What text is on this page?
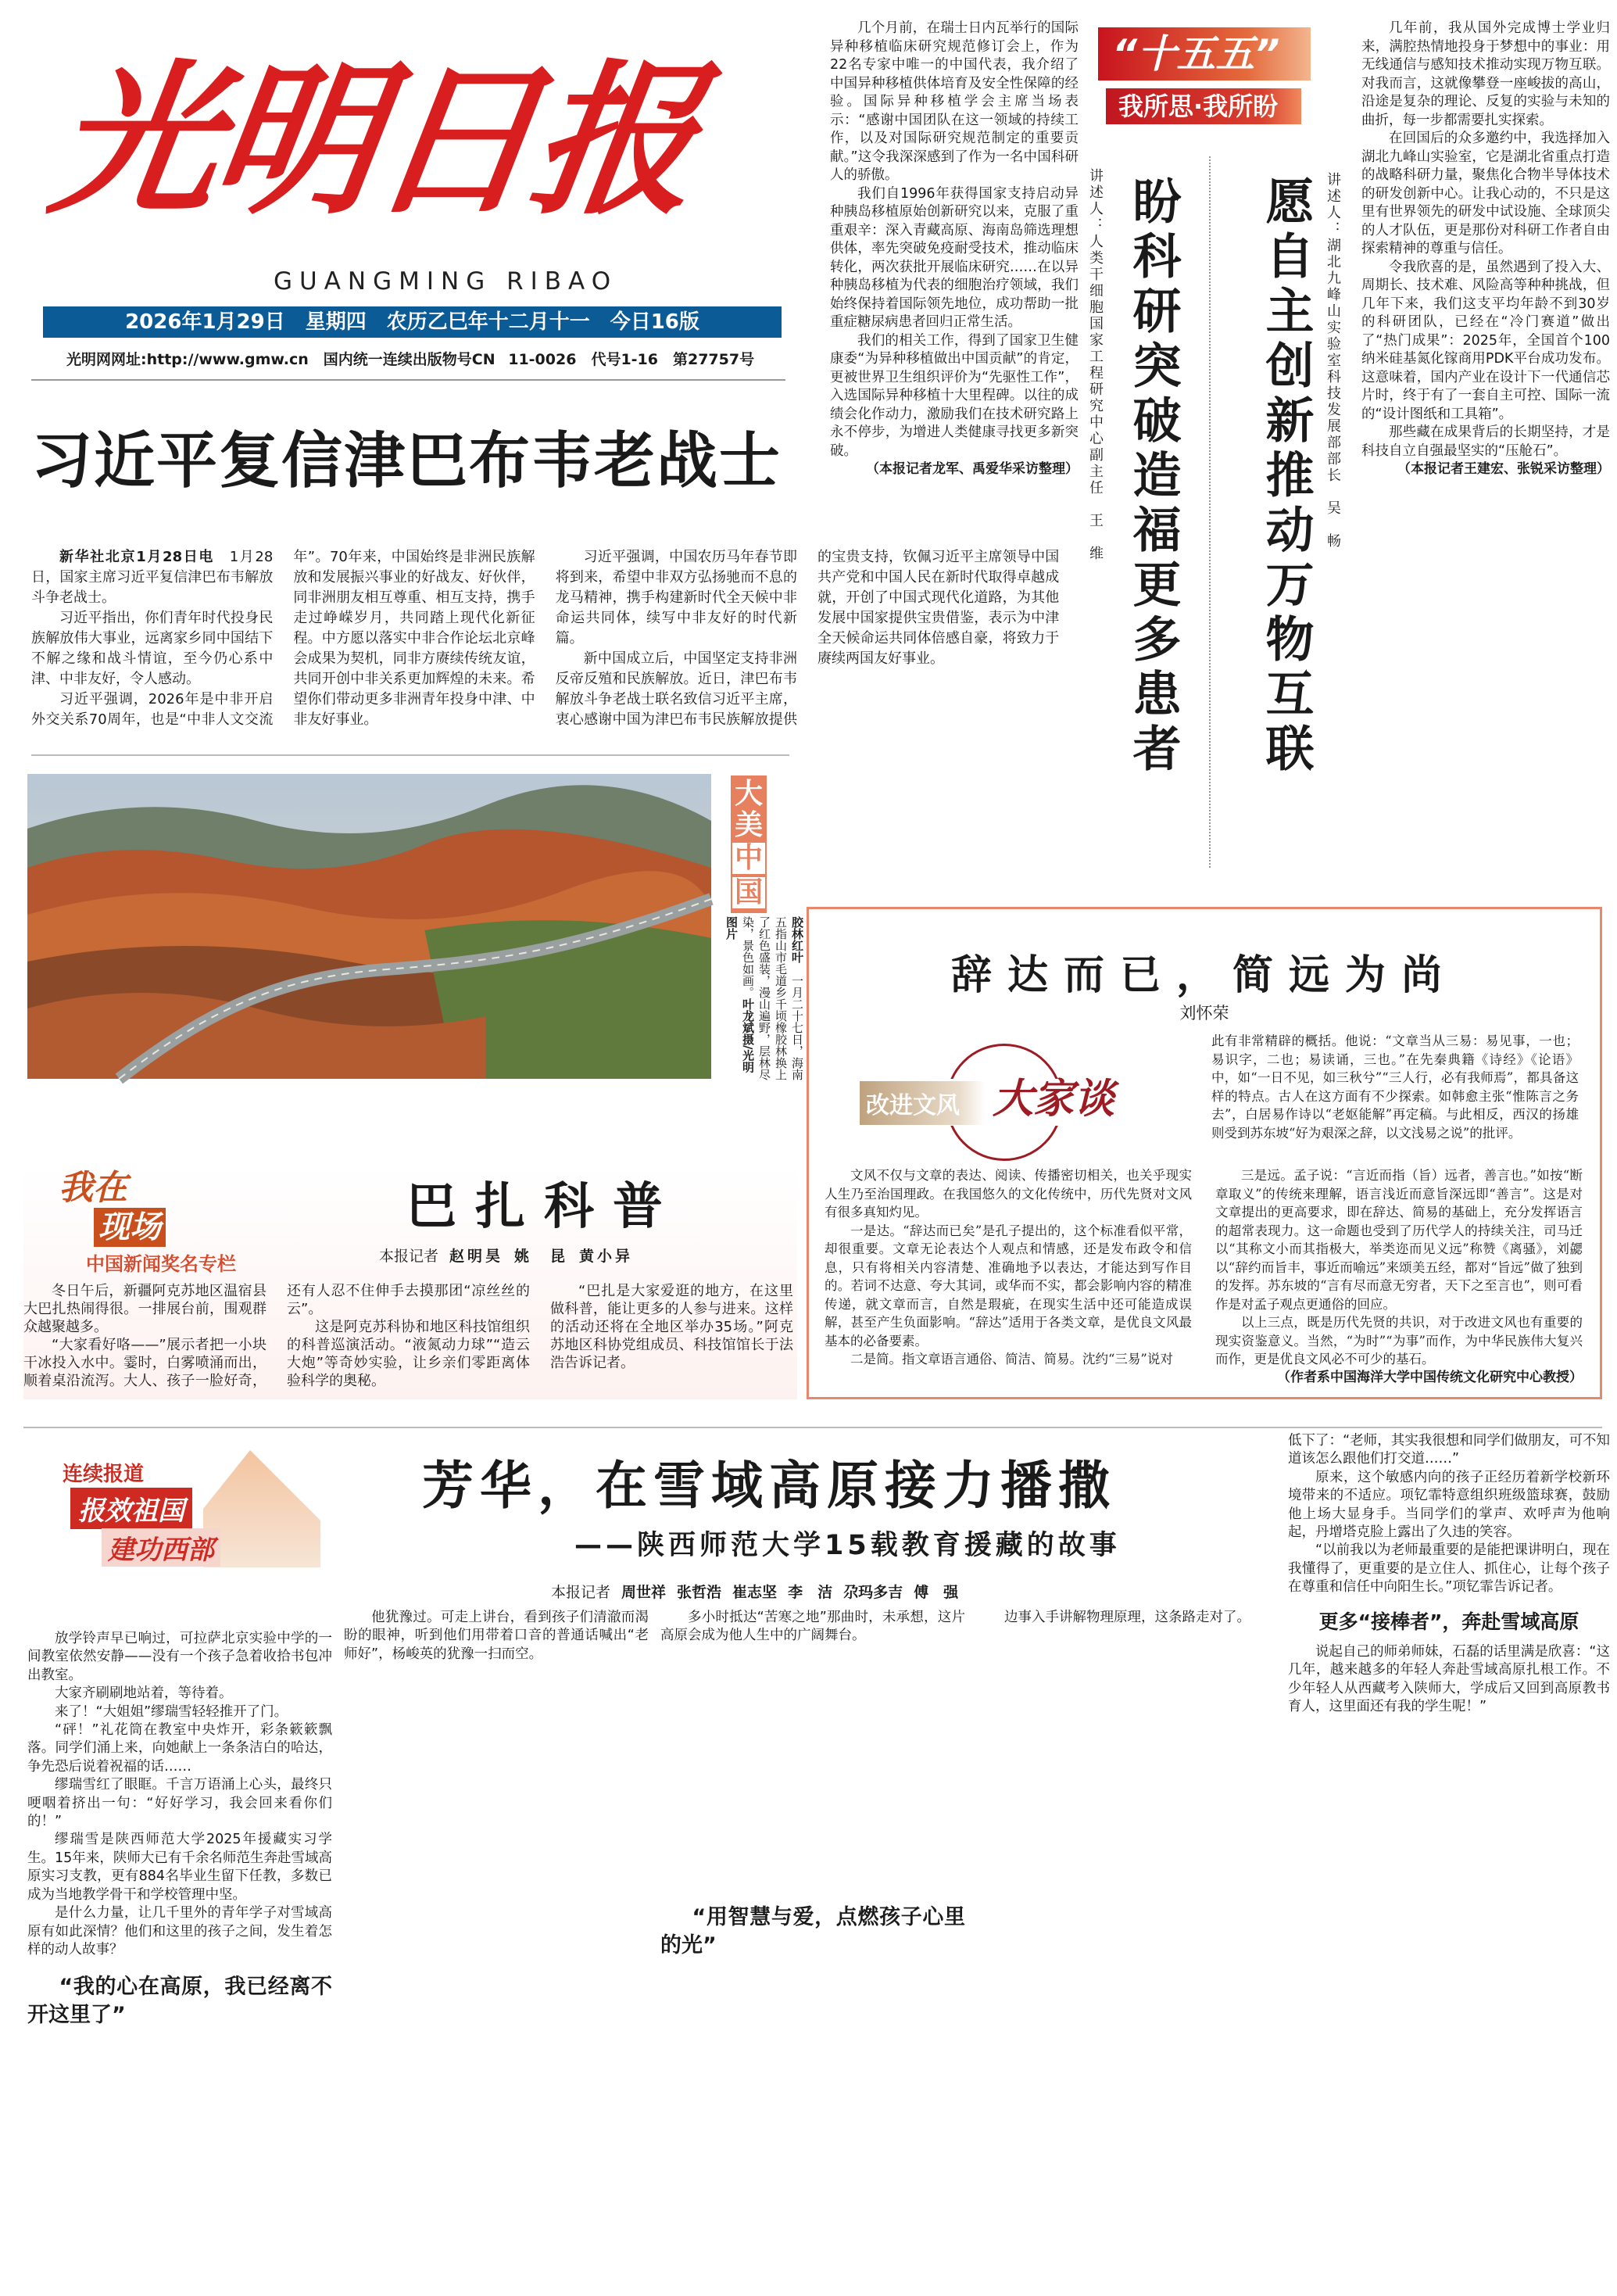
光明日报
GUANGMING RIBAO
2026年1月29日　星期四　农历乙巳年十二月十一　今日16版
光明网网址:http://www.gmw.cn　国内统一连续出版物号CN 11-0026　代号1-16　第27757号
习近平复信津巴布韦老战士

新华社北京1月28日电　 1月28日，国家主席习近平复信津巴布韦解放斗争老战士。

习近平指出，你们青年时代投身民族解放伟大事业，远离家乡同中国结下不解之缘和战斗情谊，至今仍心系中津、中非友好，令人感动。

习近平强调，2026年是中非开启外交关系70周年，也是“中非人文交流年”。70年来，中国始终是非洲民族解放和发展振兴事业的好战友、好伙伴，同非洲朋友相互尊重、相互支持，携手走过峥嵘岁月，共同踏上现代化新征程。中方愿以落实中非合作论坛北京峰会成果为契机，同非方赓续传统友谊，共同开创中非关系更加辉煌的未来。希望你们带动更多非洲青年投身中津、中非友好事业。

习近平强调，中国农历马年春节即将到来，希望中非双方弘扬驰而不息的龙马精神，携手构建新时代全天候中非命运共同体，续写中非友好的时代新篇。

新中国成立后，中国坚定支持非洲反帝反殖和民族解放。近日，津巴布韦解放斗争老战士联名致信习近平主席，衷心感谢中国为津巴布韦民族解放提供的宝贵支持，钦佩习近平主席领导中国共产党和中国人民在新时代取得卓越成就，开创了中国式现代化道路，为其他发展中国家提供宝贵借鉴，表示为中津全天候命运共同体倍感自豪，将致力于赓续两国友好事业。

大
美
中
国
胶林红叶　一月二十七日，海南五指山市毛道乡千顷橡胶林换上了红色盛装，漫山遍野，层林尽染，景色如画。叶龙斌摄/光明图片
我在
现场
中国新闻奖名专栏
巴扎科普
本报记者 赵明昊 姚　昆 黄小异

冬日午后，新疆阿克苏地区温宿县大巴扎热闹得很。一排展台前，围观群众越聚越多。

“大家看好咯——”展示者把一小块干冰投入水中。霎时，白雾喷涌而出，顺着桌沿流泻。大人、孩子一脸好奇，还有人忍不住伸手去摸那团“凉丝丝的云”。

这是阿克苏科协和地区科技馆组织的科普巡演活动。“液氮动力球”“造云大炮”等奇妙实验，让乡亲们零距离体验科学的奥秘。

“巴扎是大家爱逛的地方，在这里做科普，能让更多的人参与进来。这样的活动还将在全地区举办35场。”阿克苏地区科协党组成员、科技馆馆长于法浩告诉记者。

几个月前，在瑞士日内瓦举行的国际异种移植临床研究规范修订会上，作为22名专家中唯一的中国代表，我介绍了中国异种移植供体培育及安全性保障的经验。国际异种移植学会主席当场表示：“感谢中国团队在这一领域的持续工作，以及对国际研究规范制定的重要贡献。”这令我深深感到了作为一名中国科研人的骄傲。

我们自1996年获得国家支持启动异种胰岛移植原始创新研究以来，克服了重重艰辛：深入青藏高原、海南岛筛选理想供体，率先突破免疫耐受技术，推动临床转化，两次获批开展临床研究……在以异种胰岛移植为代表的细胞治疗领域，我们始终保持着国际领先地位，成功帮助一批重症糖尿病患者回归正常生活。

我们的相关工作，得到了国家卫生健康委“为异种移植做出中国贡献”的肯定，更被世界卫生组织评价为“先驱性工作”，入选国际异种移植十大里程碑。以往的成绩会化作动力，激励我们在技术研究路上永不停步，为增进人类健康寻找更多新突破。

（本报记者龙军、禹爱华采访整理）
“十五五”
我所思·我所盼
盼科研突破造福更多患者
讲述人：人类干细胞国家工程研究中心副主任　王　维	愿自主创新推动万物互联 讲述人：湖北九峰山实验室科技发展部部长　吴　畅

几年前，我从国外完成博士学业归来，满腔热情地投身于梦想中的事业：用无线通信与感知技术推动实现万物互联。对我而言，这就像攀登一座峻拔的高山，沿途是复杂的理论、反复的实验与未知的曲折，每一步都需要扎实探索。

在回国后的众多邀约中，我选择加入湖北九峰山实验室，它是湖北省重点打造的战略科研力量，聚焦化合物半导体技术的研发创新中心。让我心动的，不只是这里有世界领先的研发中试设施、全球顶尖的人才队伍，更是那份对科研工作者自由探索精神的尊重与信任。

令我欣喜的是，虽然遇到了投入大、周期长、技术难、风险高等种种挑战，但几年下来，我们这支平均年龄不到30岁的科研团队，已经在“冷门赛道”做出了“热门成果”：2025年，全国首个100纳米硅基氮化镓商用PDK平台成功发布。这意味着，国内产业在设计下一代通信芯片时，终于有了一套自主可控、国际一流的“设计图纸和工具箱”。

那些藏在成果背后的长期坚持，才是科技自立自强最坚实的“压舱石”。

（本报记者王建宏、张锐采访整理）
辞达而已，简远为尚
刘怀荣
改进文风 大家谈

此有非常精辟的概括。他说：“文章当从三易：易见事，一也；易识字，二也；易读诵，三也。”在先秦典籍《诗经》《论语》中，如“一日不见，如三秋兮”“三人行，必有我师焉”，都具备这样的特点。古人在这方面有不少探索。如韩愈主张“惟陈言之务去”，白居易作诗以“老妪能解”再定稿。与此相反，西汉的扬雄则受到苏东坡“好为艰深之辞，以文浅易之说”的批评。

文风不仅与文章的表达、阅读、传播密切相关，也关乎现实人生乃至治国理政。在我国悠久的文化传统中，历代先贤对文风有很多真知灼见。

一是达。“辞达而已矣”是孔子提出的，这个标准看似平常，却很重要。文章无论表达个人观点和情感，还是发布政令和信息，只有将相关内容清楚、准确地予以表达，才能达到写作目的。若词不达意、夸大其词，或华而不实，都会影响内容的精准传递，就文章而言，自然是瑕疵，在现实生活中还可能造成误解，甚至产生负面影响。“辞达”适用于各类文章，是优良文风最基本的必备要素。

二是简。指文章语言通俗、简洁、简易。沈约“三易”说对

三是远。孟子说：“言近而指（旨）远者，善言也。”如按“断章取义”的传统来理解，语言浅近而意旨深远即“善言”。这是对文章提出的更高要求，即在辞达、简易的基础上，充分发挥语言的超常表现力。这一命题也受到了历代学人的持续关注，司马迁以“其称文小而其指极大，举类迩而见义远”称赞《离骚》，刘勰以“辞约而旨丰，事近而喻远”来颂美五经，都对“旨远”做了独到的发挥。苏东坡的“言有尽而意无穷者，天下之至言也”，则可看作是对孟子观点更通俗的回应。

以上三点，既是历代先贤的共识，对于改进文风也有重要的现实资鉴意义。当然，“为时”“为事”而作，为中华民族伟大复兴而作，更是优良文风必不可少的基石。

（作者系中国海洋大学中国传统文化研究中心教授）
连续报道
报效祖国
建功西部
芳华，在雪域高原接力播撒
——陕西师范大学15载教育援藏的故事
本报记者 周世祥 张哲浩 崔志坚 李　洁 尕玛多吉 傅　强

放学铃声早已响过，可拉萨北京实验中学的一间教室依然安静——没有一个孩子急着收拾书包冲出教室。

大家齐刷刷地站着，等待着。

来了！“大姐姐”缪瑞雪轻轻推开了门。

“砰！”礼花筒在教室中央炸开，彩条簌簌飘落。同学们涌上来，向她献上一条条洁白的哈达，争先恐后说着祝福的话……

缪瑞雪红了眼眶。千言万语涌上心头，最终只哽咽着挤出一句：“好好学习，我会回来看你们的！”

缪瑞雪是陕西师范大学2025年援藏实习学生。15年来，陕师大已有千余名师范生奔赴雪域高原实习支教，更有884名毕业生留下任教，多数已成为当地教学骨干和学校管理中坚。

是什么力量，让几千里外的青年学子对雪域高原有如此深情？他们和这里的孩子之间，发生着怎样的动人故事？

“我的心在高原，我已经离不开这里了”

他犹豫过。可走上讲台，看到孩子们清澈而渴盼的眼神，听到他们用带着口音的普通话喊出“老师好”，杨峻英的犹豫一扫而空。

多小时抵达“苦寒之地”那曲时，未承想，这片高原会成为他人生中的广阔舞台。

“用智慧与爱，点燃孩子心里的光”

边事入手讲解物理原理，这条路走对了。

低下了：“老师，其实我很想和同学们做朋友，可不知道该怎么跟他们打交道……”

原来，这个敏感内向的孩子正经历着新学校新环境带来的不适应。项钇霏特意组织班级篮球赛，鼓励他上场大显身手。当同学们的掌声、欢呼声为他响起，丹增塔克脸上露出了久违的笑容。

“以前我以为老师最重要的是能把课讲明白，现在我懂得了，更重要的是立住人、抓住心，让每个孩子在尊重和信任中向阳生长。”项钇霏告诉记者。

更多“接棒者”，奔赴雪域高原

说起自己的师弟师妹，石磊的话里满是欣喜：“这几年，越来越多的年轻人奔赴雪域高原扎根工作。不少年轻人从西藏考入陕师大，学成后又回到高原教书育人，这里面还有我的学生呢！”
